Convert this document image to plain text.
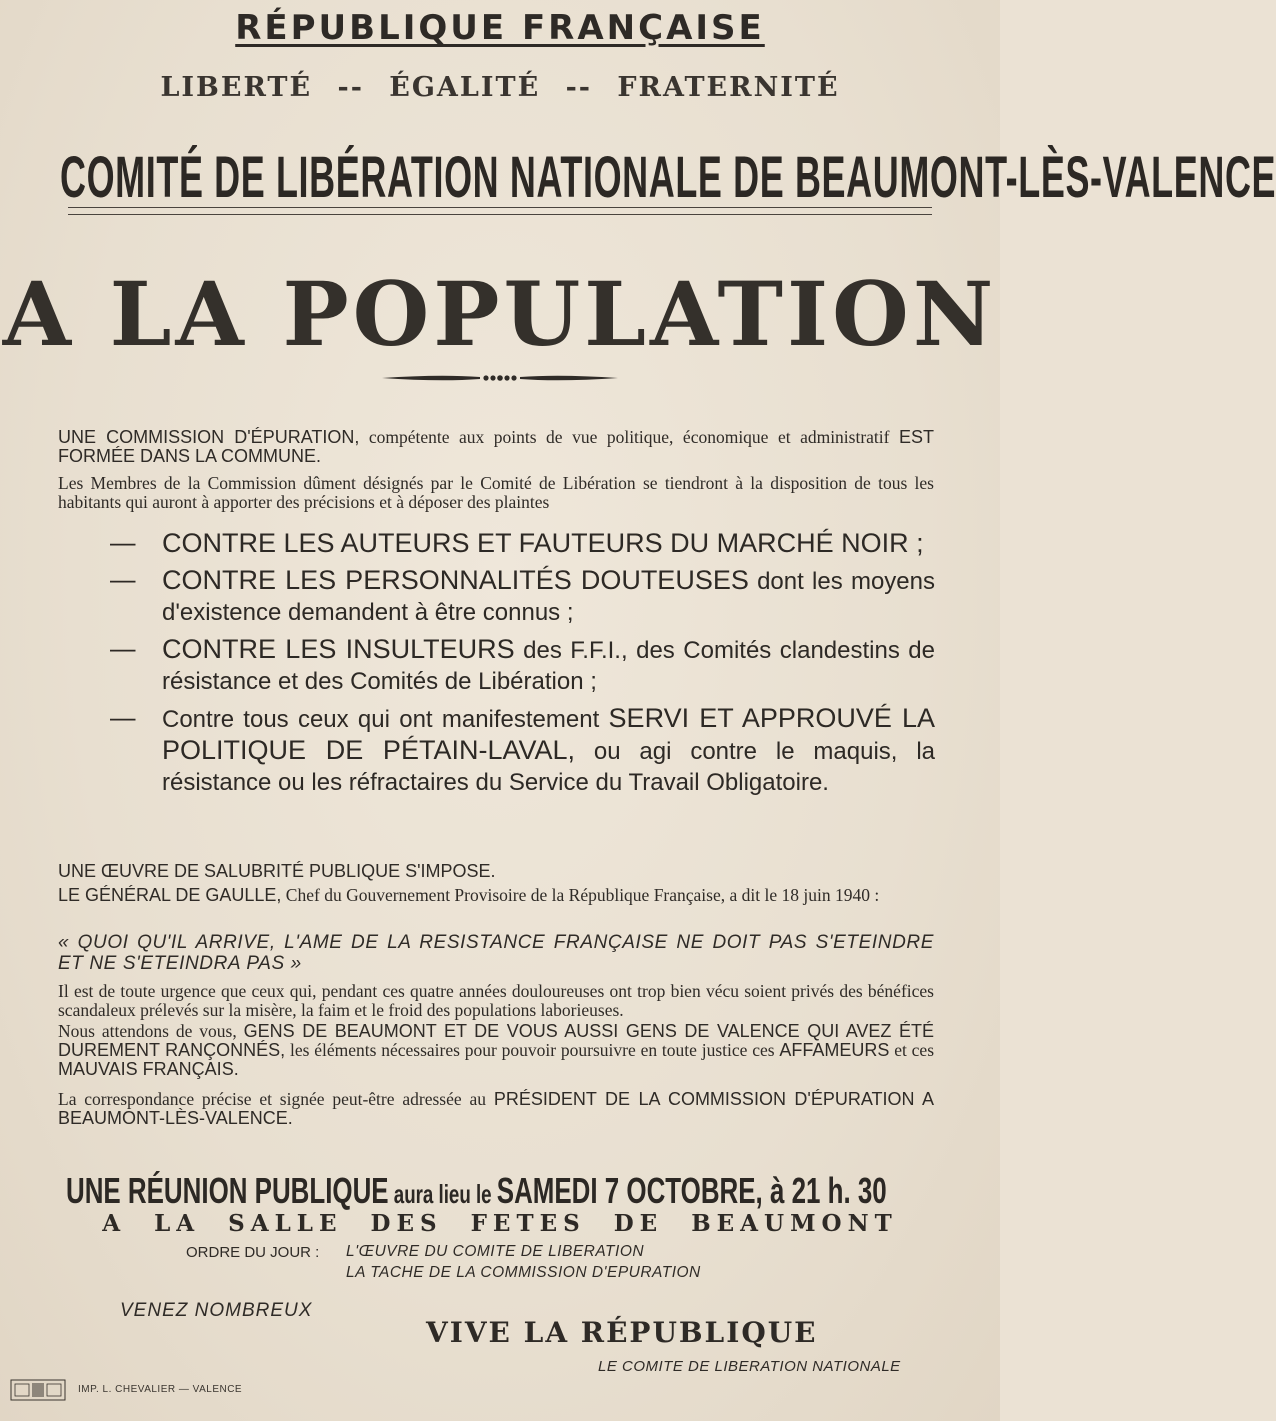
RÉPUBLIQUE FRANÇAISE
LIBERTÉ -- ÉGALITÉ -- FRATERNITÉ
COMITÉ DE LIBÉRATION NATIONALE DE BEAUMONT-LÈS-VALENCE
A LA POPULATION
UNE COMMISSION D'ÉPURATION, compétente aux points de vue politique, économique et administratif EST FORMÉE DANS LA COMMUNE.
Les Membres de la Commission dûment désignés par le Comité de Libération se tiendront à la disposition de tous les habitants qui auront à apporter des précisions et à déposer des plaintes
— CONTRE LES AUTEURS ET FAUTEURS DU MARCHÉ NOIR ;
— CONTRE LES PERSONNALITÉS DOUTEUSES dont les moyens d'existence demandent à être connus ;
— CONTRE LES INSULTEURS des F.F.I., des Comités clandestins de résistance et des Comités de Libération ;
— Contre tous ceux qui ont manifestement SERVI ET APPROUVÉ LA POLITIQUE DE PÉTAIN-LAVAL, ou agi contre le maquis, la résistance ou les réfractaires du Service du Travail Obligatoire.
UNE ŒUVRE DE SALUBRITÉ PUBLIQUE S'IMPOSE.
LE GÉNÉRAL DE GAULLE, Chef du Gouvernement Provisoire de la République Française, a dit le 18 juin 1940 :
« QUOI QU'IL ARRIVE, L'AME DE LA RESISTANCE FRANÇAISE NE DOIT PAS S'ETEINDRE ET NE S'ETEINDRA PAS »
Il est de toute urgence que ceux qui, pendant ces quatre années douloureuses ont trop bien vécu soient privés des bénéfices scandaleux prélevés sur la misère, la faim et le froid des populations laborieuses.
Nous attendons de vous, GENS DE BEAUMONT ET DE VOUS AUSSI GENS DE VALENCE QUI AVEZ ÉTÉ DUREMENT RANÇONNÉS, les éléments nécessaires pour pouvoir poursuivre en toute justice ces AFFAMEURS et ces MAUVAIS FRANÇAIS.
La correspondance précise et signée peut-être adressée au PRÉSIDENT DE LA COMMISSION D'ÉPURATION A BEAUMONT-LÈS-VALENCE.
UNE RÉUNION PUBLIQUE aura lieu le SAMEDI 7 OCTOBRE, à 21 h. 30
A LA SALLE DES FETES DE BEAUMONT
ORDRE DU JOUR : L'ŒUVRE DU COMITE DE LIBERATION
LA TACHE DE LA COMMISSION D'EPURATION
VENEZ NOMBREUX
VIVE LA RÉPUBLIQUE
LE COMITE DE LIBERATION NATIONALE
IMP. L. CHEVALIER — VALENCE
